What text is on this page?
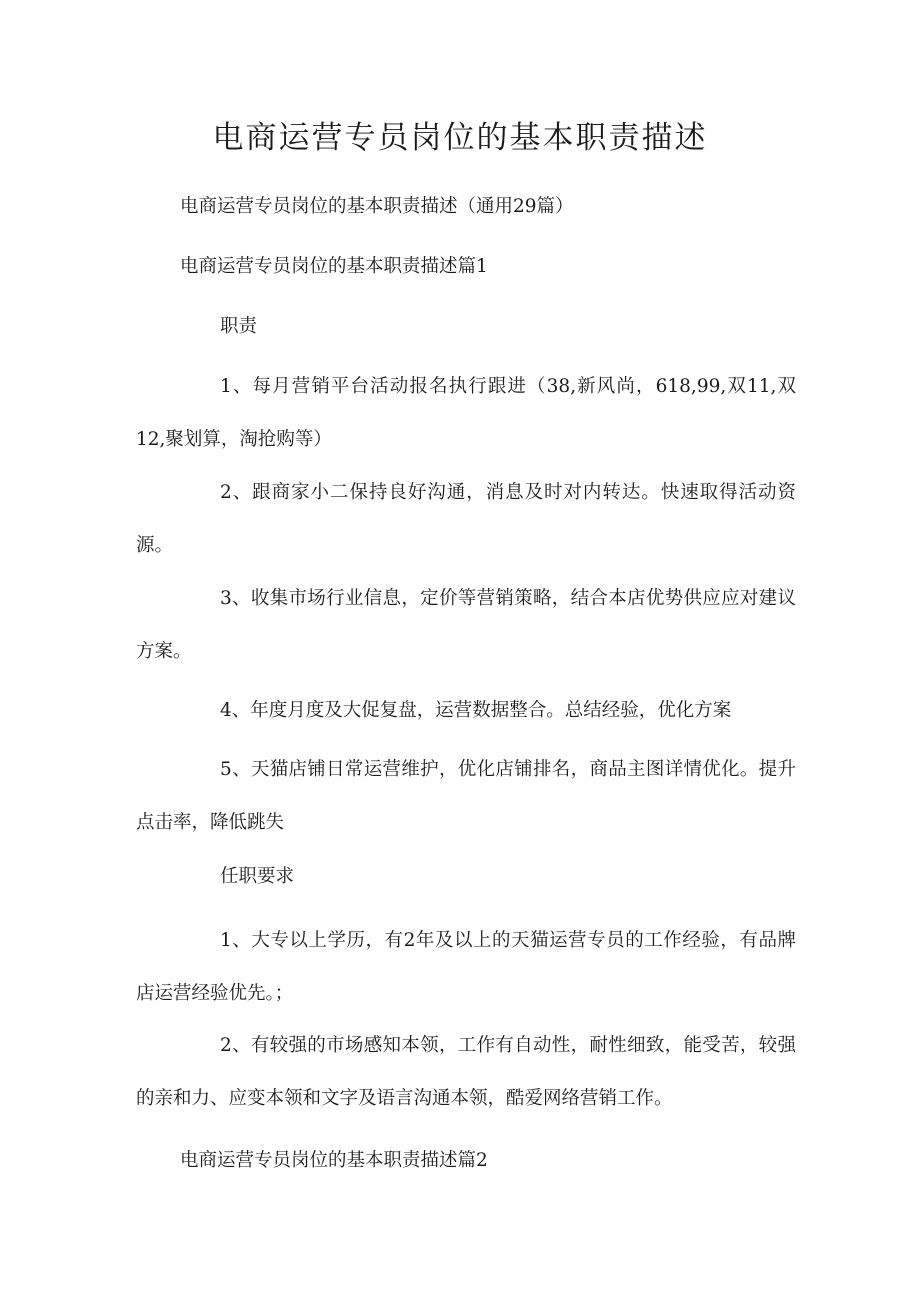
电商运营专员岗位的基本职责描述

电商运营专员岗位的基本职责描述（通用29篇）

电商运营专员岗位的基本职责描述篇1

职责

1、每月营销平台活动报名执行跟进（38,新风尚，618,99,双11,双12,聚划算，淘抢购等）

2、跟商家小二保持良好沟通，消息及时对内转达。快速取得活动资源。

3、收集市场行业信息，定价等营销策略，结合本店优势供应应对建议方案。

4、年度月度及大促复盘，运营数据整合。总结经验，优化方案

5、天猫店铺日常运营维护，优化店铺排名，商品主图详情优化。提升点击率，降低跳失

任职要求

1、大专以上学历，有2年及以上的天猫运营专员的工作经验，有品牌店运营经验优先。；

2、有较强的市场感知本领，工作有自动性，耐性细致，能受苦，较强的亲和力、应变本领和文字及语言沟通本领，酷爱网络营销工作。

电商运营专员岗位的基本职责描述篇2
